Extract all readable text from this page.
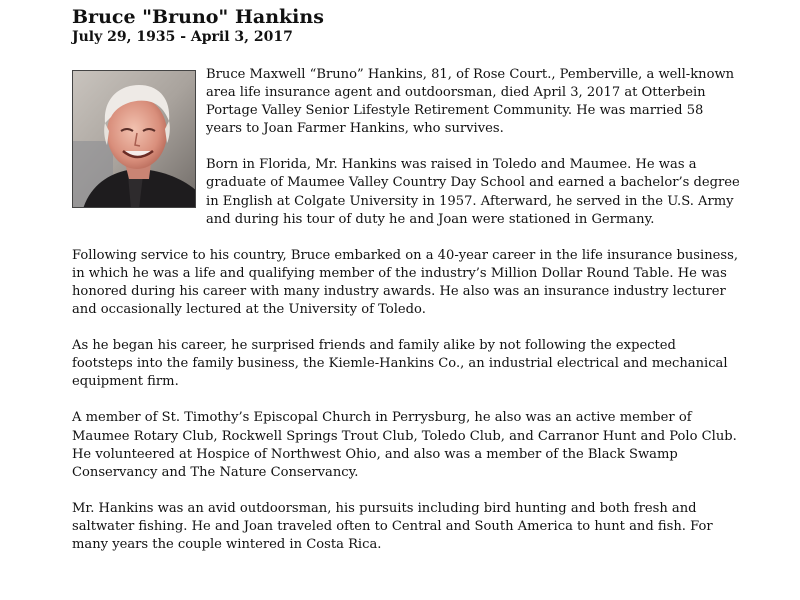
Bruce "Bruno" Hankins
July 29, 1935 - April 3, 2017

Bruce Maxwell “Bruno” Hankins, 81, of Rose Court., Pemberville, a well-known area life insurance agent and outdoorsman, died April 3, 2017 at Otterbein Portage Valley Senior Lifestyle Retirement Community. He was married 58 years to Joan Farmer Hankins, who survives.

Born in Florida, Mr. Hankins was raised in Toledo and Maumee. He was a graduate of Maumee Valley Country Day School and earned a bachelor’s degree in English at Colgate University in 1957. Afterward, he served in the U.S. Army and during his tour of duty he and Joan were stationed in Germany.

Following service to his country, Bruce embarked on a 40-year career in the life insurance business, in which he was a life and qualifying member of the industry’s Million Dollar Round Table. He was honored during his career with many industry awards. He also was an insurance industry lecturer and occasionally lectured at the University of Toledo.

As he began his career, he surprised friends and family alike by not following the expected footsteps into the family business, the Kiemle-Hankins Co., an industrial electrical and mechanical equipment firm.

A member of St. Timothy’s Episcopal Church in Perrysburg, he also was an active member of Maumee Rotary Club, Rockwell Springs Trout Club, Toledo Club, and Carranor Hunt and Polo Club. He volunteered at Hospice of Northwest Ohio, and also was a member of the Black Swamp Conservancy and The Nature Conservancy.

Mr. Hankins was an avid outdoorsman, his pursuits including bird hunting and both fresh and saltwater fishing. He and Joan traveled often to Central and South America to hunt and fish. For many years the couple wintered in Costa Rica.
